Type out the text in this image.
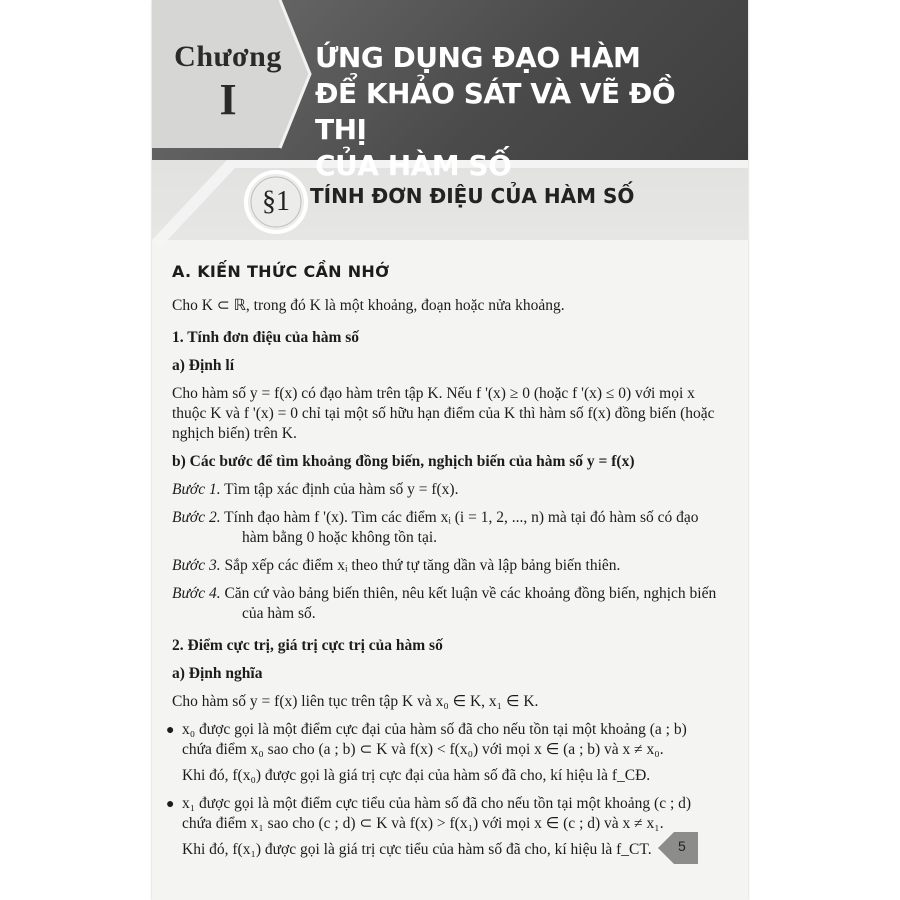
Chương
I
ỨNG DỤNG ĐẠO HÀM
ĐỂ KHẢO SÁT VÀ VẼ ĐỒ THỊ
CỦA HÀM SỐ
§1	TÍNH ĐƠN ĐIỆU CỦA HÀM SỐ
A. KIẾN THỨC CẦN NHỚ
Cho K ⊂ ℝ, trong đó K là một khoảng, đoạn hoặc nửa khoảng.
1. Tính đơn điệu của hàm số
a) Định lí
Cho hàm số y = f(x) có đạo hàm trên tập K. Nếu f '(x) ≥ 0 (hoặc f '(x) ≤ 0) với mọi x thuộc K và f '(x) = 0 chỉ tại một số hữu hạn điểm của K thì hàm số f(x) đồng biến (hoặc nghịch biến) trên K.
b) Các bước để tìm khoảng đồng biến, nghịch biến của hàm số y = f(x)
Bước 1. Tìm tập xác định của hàm số y = f(x).
Bước 2. Tính đạo hàm f '(x). Tìm các điểm xᵢ (i = 1, 2, ..., n) mà tại đó hàm số có đạo hàm bằng 0 hoặc không tồn tại.
Bước 3. Sắp xếp các điểm xᵢ theo thứ tự tăng dần và lập bảng biến thiên.
Bước 4. Căn cứ vào bảng biến thiên, nêu kết luận về các khoảng đồng biến, nghịch biến của hàm số.
2. Điểm cực trị, giá trị cực trị của hàm số
a) Định nghĩa
Cho hàm số y = f(x) liên tục trên tập K và x₀ ∈ K, x₁ ∈ K.
● x₀ được gọi là một điểm cực đại của hàm số đã cho nếu tồn tại một khoảng (a ; b) chứa điểm x₀ sao cho (a ; b) ⊂ K và f(x) < f(x₀) với mọi x ∈ (a ; b) và x ≠ x₀.
Khi đó, f(x₀) được gọi là giá trị cực đại của hàm số đã cho, kí hiệu là f_CĐ.
● x₁ được gọi là một điểm cực tiểu của hàm số đã cho nếu tồn tại một khoảng (c ; d) chứa điểm x₁ sao cho (c ; d) ⊂ K và f(x) > f(x₁) với mọi x ∈ (c ; d) và x ≠ x₁.
Khi đó, f(x₁) được gọi là giá trị cực tiểu của hàm số đã cho, kí hiệu là f_CT.	5
